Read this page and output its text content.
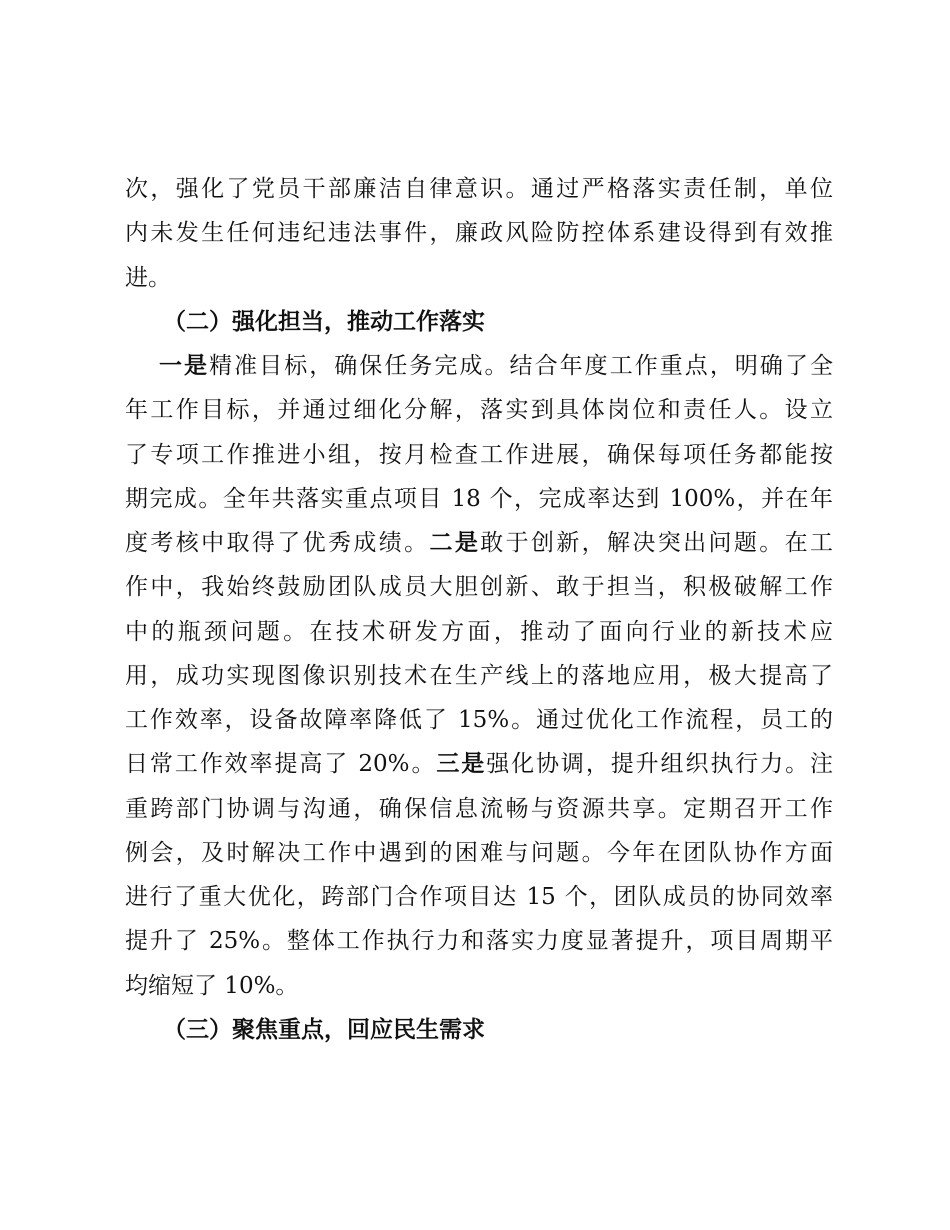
次，强化了党员干部廉洁自律意识。通过严格落实责任制，单位
内未发生任何违纪违法事件，廉政风险防控体系建设得到有效推
进。
（二）强化担当，推动工作落实
一是精准目标，确保任务完成。结合年度工作重点，明确了全
年工作目标，并通过细化分解，落实到具体岗位和责任人。设立
了专项工作推进小组，按月检查工作进展，确保每项任务都能按
期完成。全年共落实重点项目 18 个，完成率达到 100%，并在年
度考核中取得了优秀成绩。二是敢于创新，解决突出问题。在工
作中，我始终鼓励团队成员大胆创新、敢于担当，积极破解工作
中的瓶颈问题。在技术研发方面，推动了面向行业的新技术应
用，成功实现图像识别技术在生产线上的落地应用，极大提高了
工作效率，设备故障率降低了 15%。通过优化工作流程，员工的
日常工作效率提高了 20%。三是强化协调，提升组织执行力。注
重跨部门协调与沟通，确保信息流畅与资源共享。定期召开工作
例会，及时解决工作中遇到的困难与问题。今年在团队协作方面
进行了重大优化，跨部门合作项目达 15 个，团队成员的协同效率
提升了 25%。整体工作执行力和落实力度显著提升，项目周期平
均缩短了 10%。
（三）聚焦重点，回应民生需求
